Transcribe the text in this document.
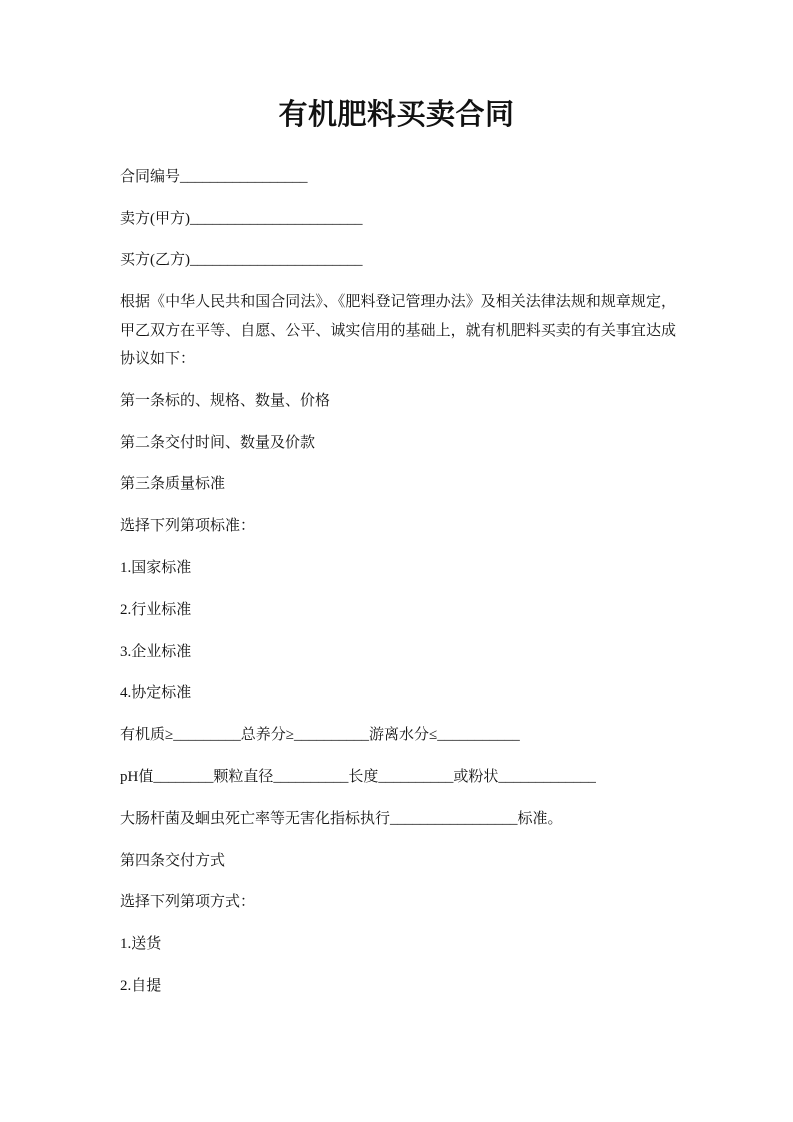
有机肥料买卖合同

合同编号_________________

卖方(甲方)_______________________

买方(乙方)_______________________

根据《中华人民共和国合同法》、《肥料登记管理办法》及相关法律法规和规章规定，甲乙双方在平等、自愿、公平、诚实信用的基础上，就有机肥料买卖的有关事宜达成协议如下：

第一条标的、规格、数量、价格

第二条交付时间、数量及价款

第三条质量标准

选择下列第项标准：

1.国家标准

2.行业标准

3.企业标准

4.协定标准

有机质≥_________总养分≥__________游离水分≤___________

pH值________颗粒直径__________长度__________或粉状_____________

大肠杆菌及蛔虫死亡率等无害化指标执行_________________标准。

第四条交付方式

选择下列第项方式：

1.送货

2.自提
